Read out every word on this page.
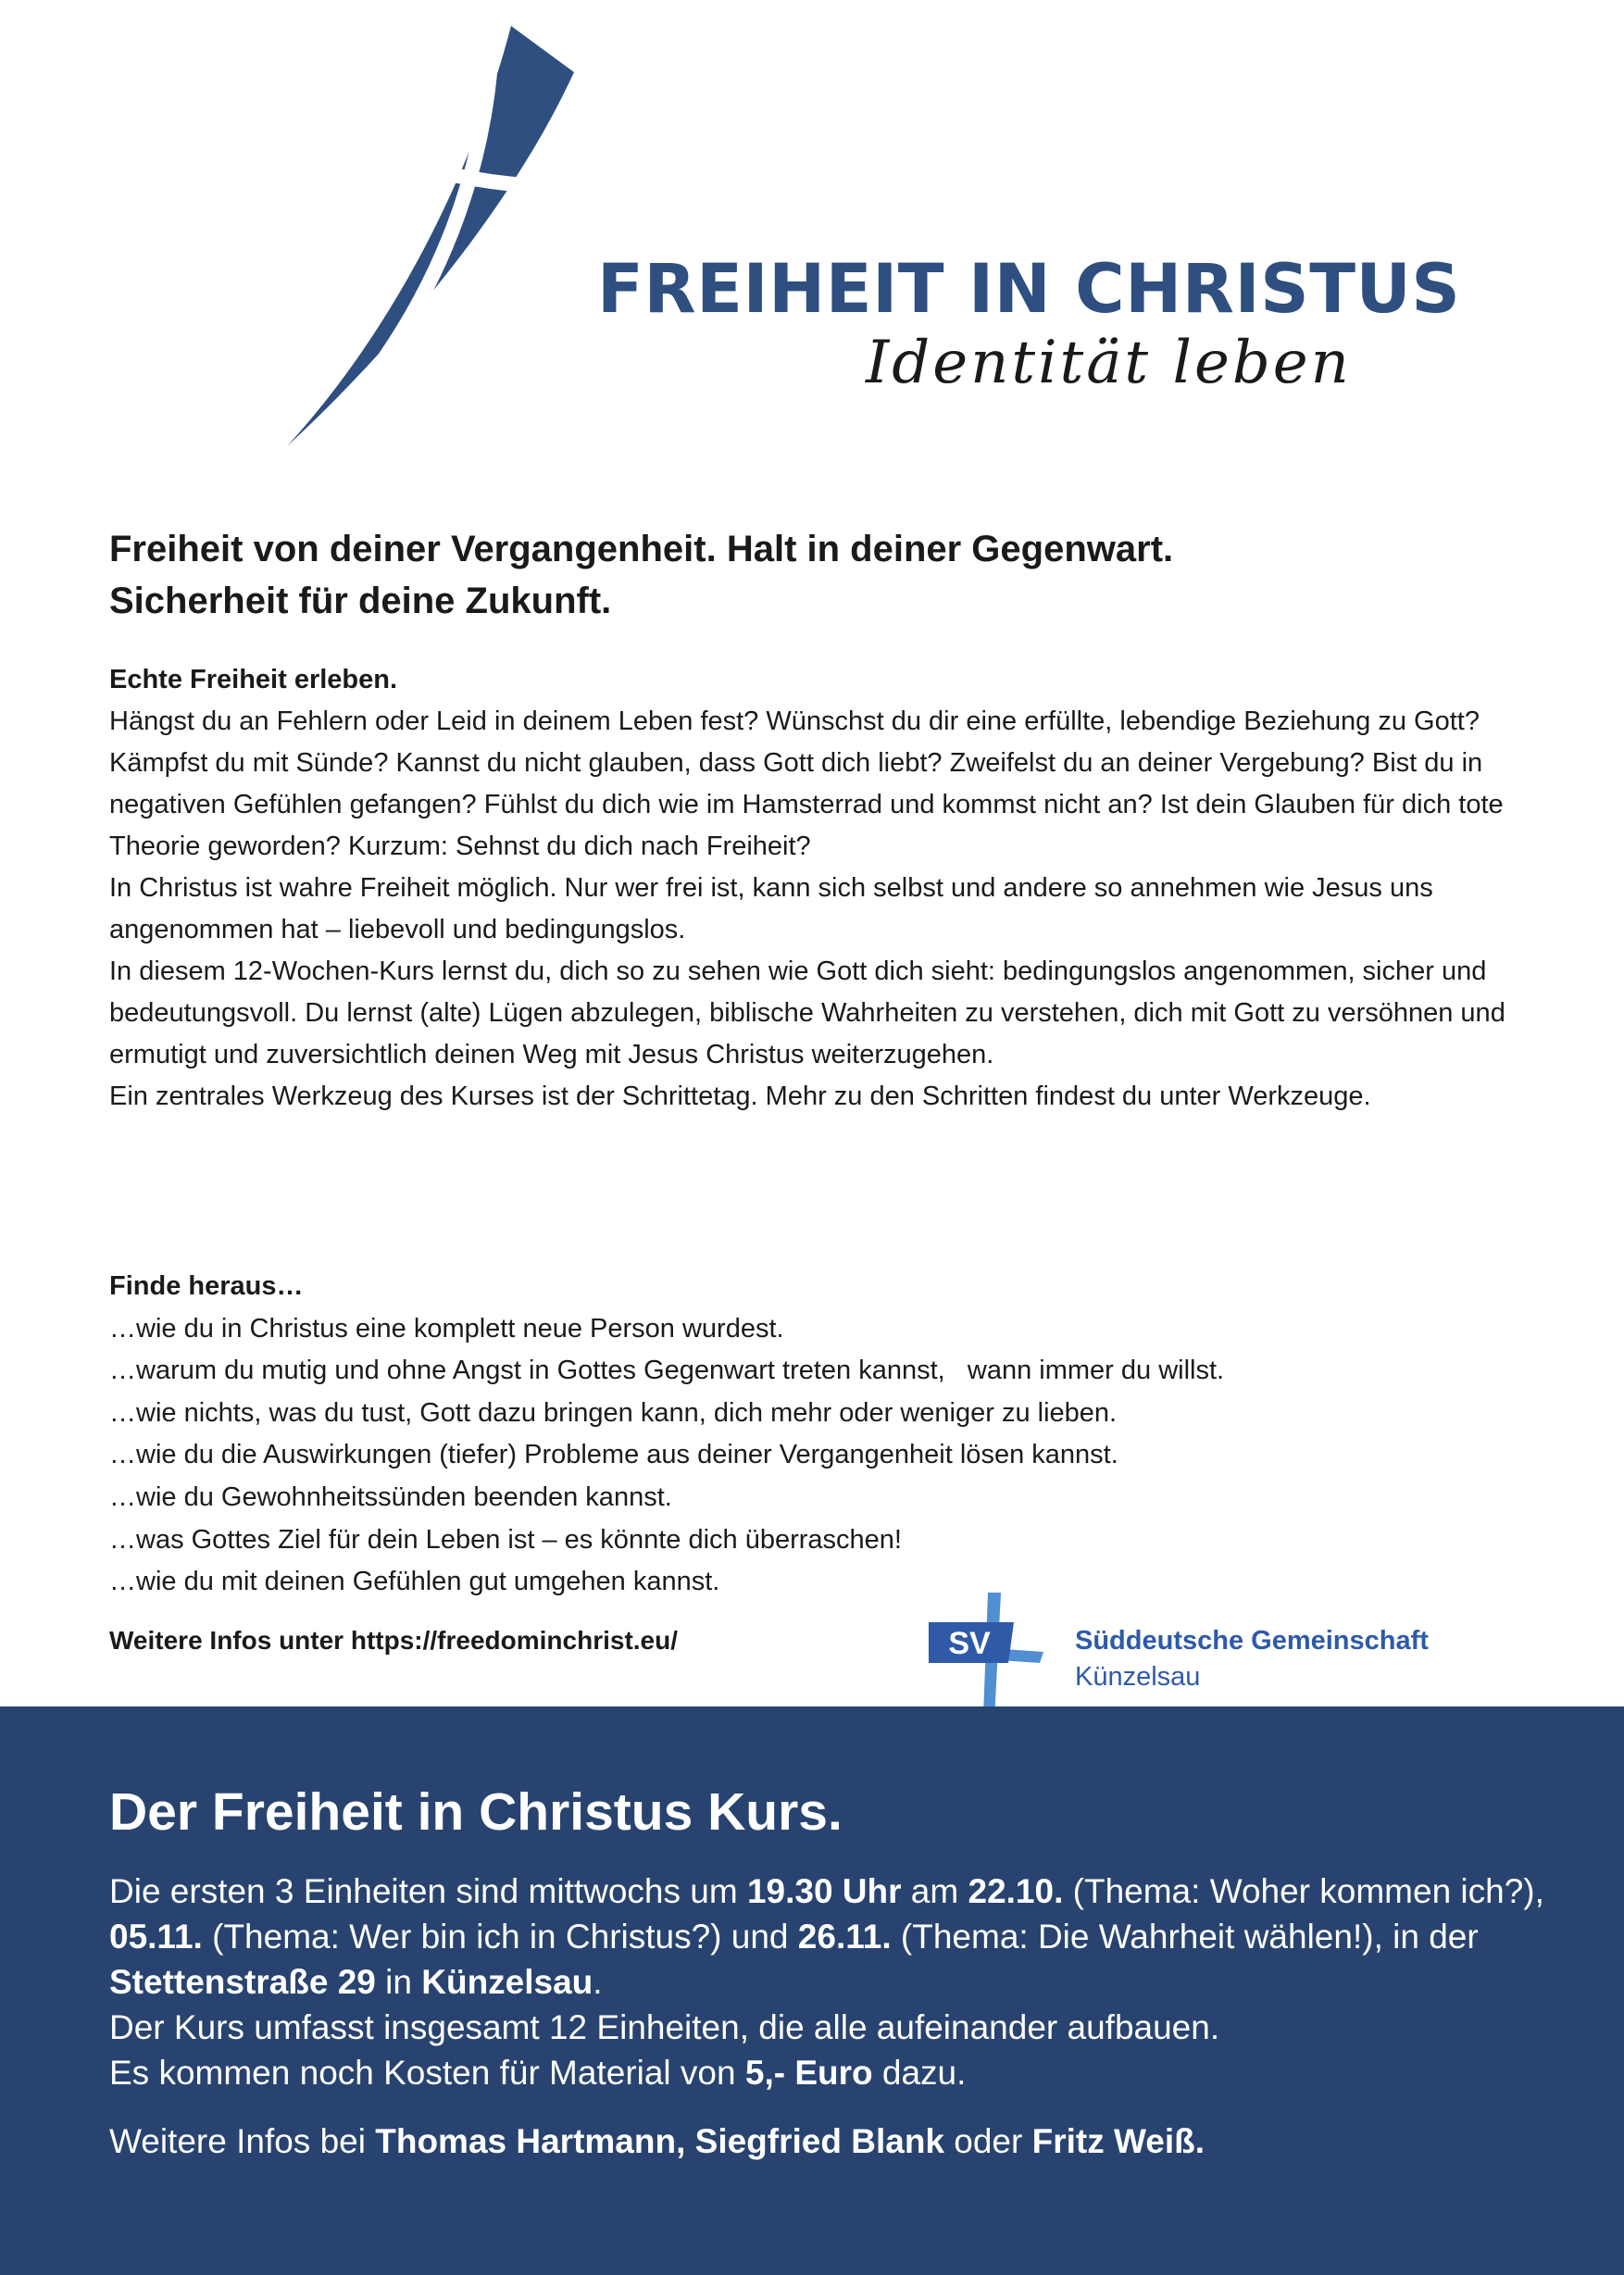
FREIHEIT IN CHRISTUS

Identität leben

Freiheit von deiner Vergangenheit. Halt in deiner Gegenwart.
Sicherheit für deine Zukunft.

Echte Freiheit erleben.

Hängst du an Fehlern oder Leid in deinem Leben fest? Wünschst du dir eine erfüllte, lebendige Beziehung zu Gott? Kämpfst du mit Sünde? Kannst du nicht glauben, dass Gott dich liebt? Zweifelst du an deiner Vergebung? Bist du in negativen Gefühlen gefangen? Fühlst du dich wie im Hamsterrad und kommst nicht an? Ist dein Glauben für dich tote Theorie geworden? Kurzum: Sehnst du dich nach Freiheit?

In Christus ist wahre Freiheit möglich. Nur wer frei ist, kann sich selbst und andere so annehmen wie Jesus uns angenommen hat – liebevoll und bedingungslos.

In diesem 12-Wochen-Kurs lernst du, dich so zu sehen wie Gott dich sieht: bedingungslos angenommen, sicher und bedeutungsvoll. Du lernst (alte) Lügen abzulegen, biblische Wahrheiten zu verstehen, dich mit Gott zu versöhnen und ermutigt und zuversichtlich deinen Weg mit Jesus Christus weiterzugehen.

Ein zentrales Werkzeug des Kurses ist der Schrittetag. Mehr zu den Schritten findest du unter Werkzeuge.

Finde heraus…

…wie du in Christus eine komplett neue Person wurdest.

…warum du mutig und ohne Angst in Gottes Gegenwart treten kannst,   wann immer du willst.

…wie nichts, was du tust, Gott dazu bringen kann, dich mehr oder weniger zu lieben.

…wie du die Auswirkungen (tiefer) Probleme aus deiner Vergangenheit lösen kannst.

…wie du Gewohnheitssünden beenden kannst.

…was Gottes Ziel für dein Leben ist – es könnte dich überraschen!

…wie du mit deinen Gefühlen gut umgehen kannst.

Weitere Infos unter https://freedominchrist.eu/	SV	Süddeutsche Gemeinschaft

Künzelsau

Der Freiheit in Christus Kurs.

Die ersten 3 Einheiten sind mittwochs um 19.30 Uhr am 22.10. (Thema: Woher kommen ich?), 05.11. (Thema: Wer bin ich in Christus?) und 26.11. (Thema: Die Wahrheit wählen!), in der Stettenstraße 29 in Künzelsau.

Der Kurs umfasst insgesamt 12 Einheiten, die alle aufeinander aufbauen.

Es kommen noch Kosten für Material von 5,- Euro dazu.

Weitere Infos bei Thomas Hartmann, Siegfried Blank oder Fritz Weiß.
